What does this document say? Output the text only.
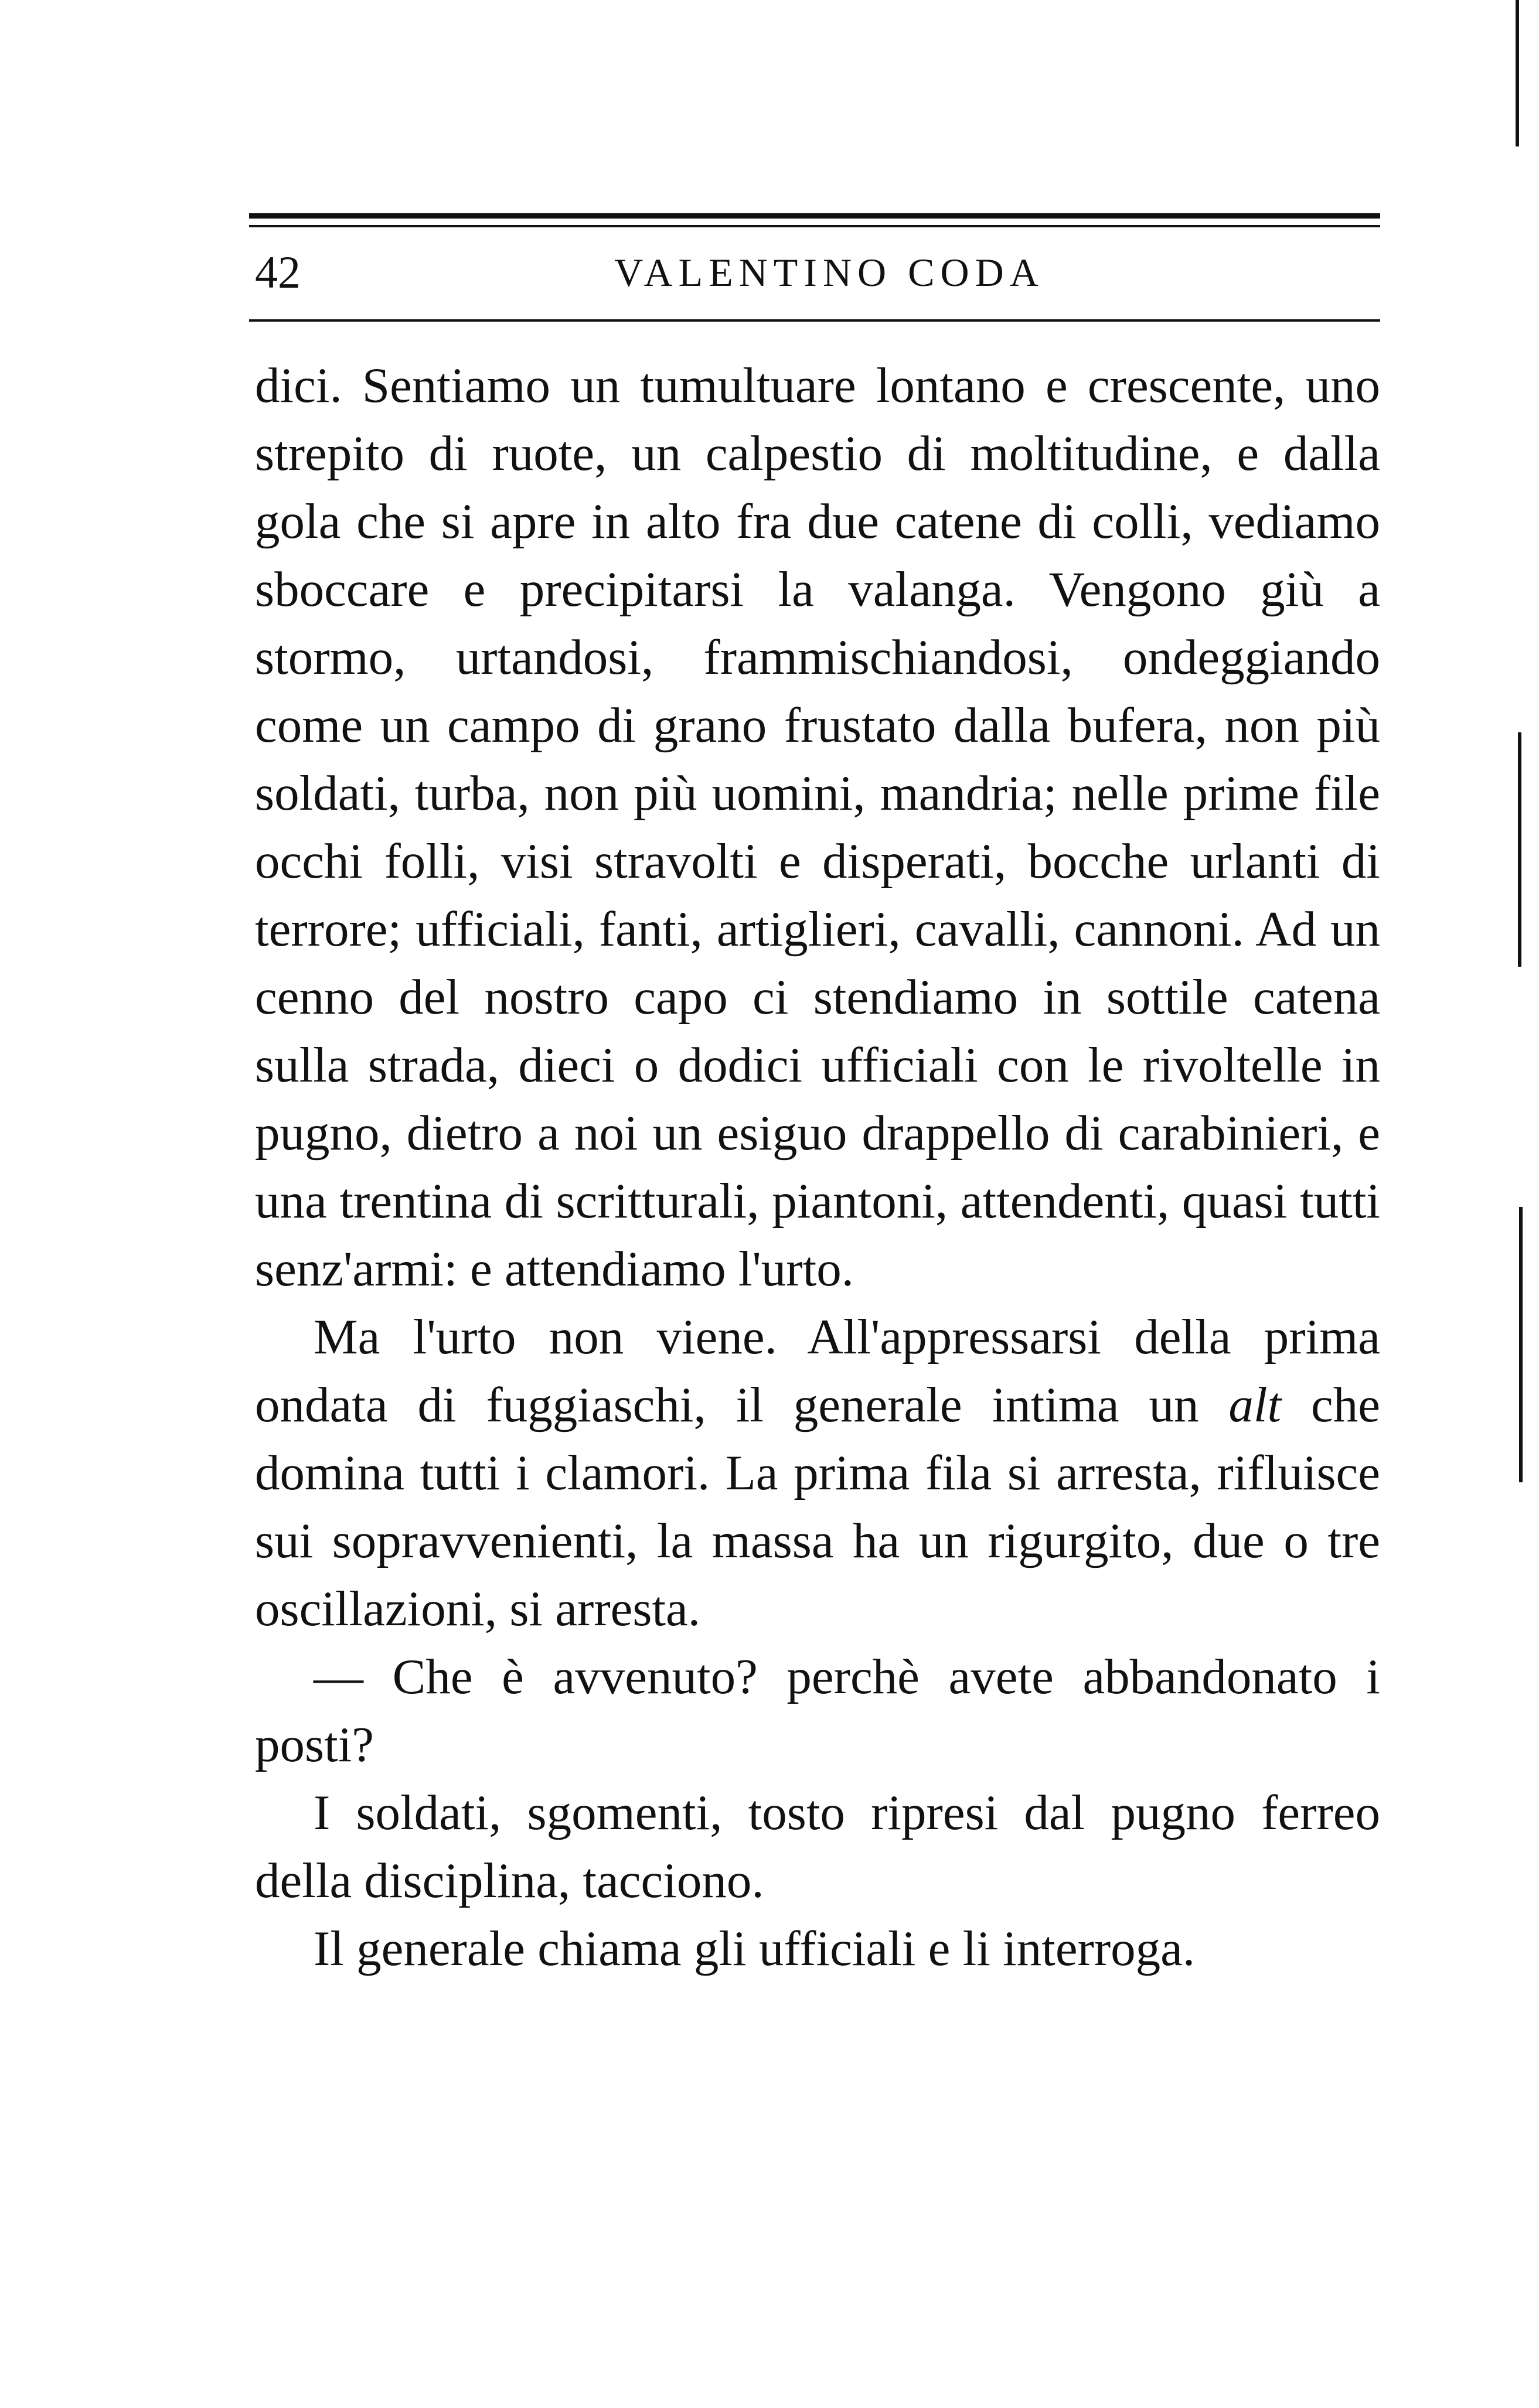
42	VALENTINO CODA

dici. Sentiamo un tumultuare lontano e crescente, uno strepito di ruote, un calpestio di moltitudine, e dalla gola che si apre in alto fra due catene di colli, vediamo sboccare e precipitarsi la valanga. Vengono giù a stormo, urtandosi, frammischiandosi, ondeggiando come un campo di grano frustato dalla bufera, non più soldati, turba, non più uomini, mandria; nelle prime file occhi folli, visi stravolti e disperati, bocche urlanti di terrore; ufficiali, fanti, artiglieri, cavalli, cannoni. Ad un cenno del nostro capo ci stendiamo in sottile catena sulla strada, dieci o dodici ufficiali con le rivoltelle in pugno, dietro a noi un esiguo drappello di carabinieri, e una trentina di scritturali, piantoni, attendenti, quasi tutti senz'armi: e attendiamo l'urto.

Ma l'urto non viene. All'appressarsi della prima ondata di fuggiaschi, il generale intima un alt che domina tutti i clamori. La prima fila si arresta, rifluisce sui sopravvenienti, la massa ha un rigurgito, due o tre oscillazioni, si arresta.

— Che è avvenuto? perchè avete abbandonato i posti?

I soldati, sgomenti, tosto ripresi dal pugno ferreo della disciplina, tacciono.

Il generale chiama gli ufficiali e li interroga.
